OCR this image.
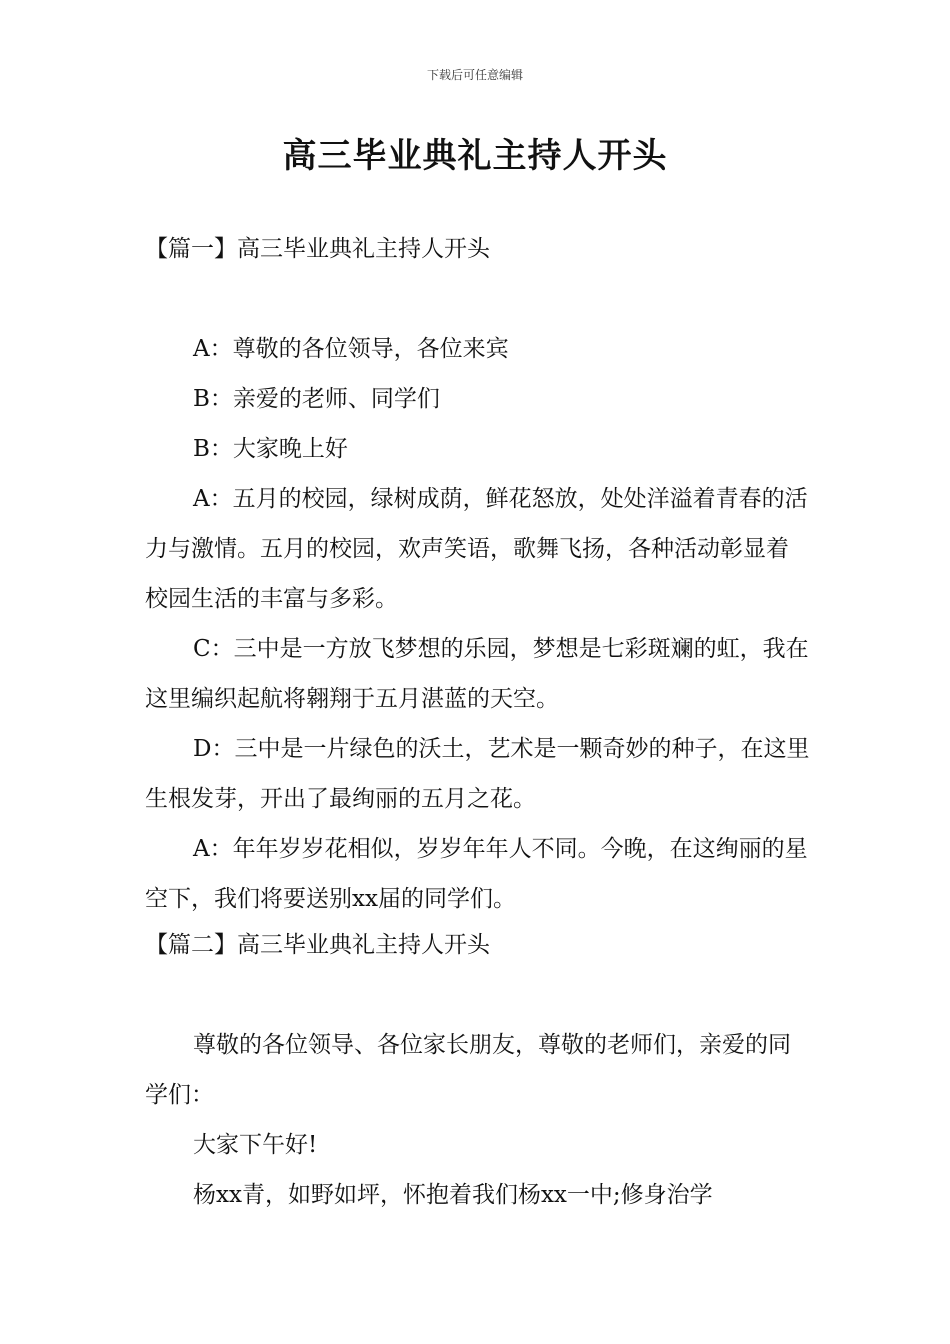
下载后可任意编辑
高三毕业典礼主持人开头
【篇一】高三毕业典礼主持人开头

A：尊敬的各位领导，各位来宾

B：亲爱的老师、同学们

B：大家晚上好

A：五月的校园，绿树成荫，鲜花怒放，处处洋溢着青春的活力与激情。五月的校园，欢声笑语，歌舞飞扬，各种活动彰显着校园生活的丰富与多彩。

C：三中是一方放飞梦想的乐园，梦想是七彩斑斓的虹，我在这里编织起航将翱翔于五月湛蓝的天空。

D：三中是一片绿色的沃土，艺术是一颗奇妙的种子，在这里生根发芽，开出了最绚丽的五月之花。

A：年年岁岁花相似，岁岁年年人不同。今晚，在这绚丽的星空下，我们将要送别xx届的同学们。

【篇二】高三毕业典礼主持人开头

尊敬的各位领导、各位家长朋友，尊敬的老师们，亲爱的同学们：

大家下午好!

杨xx青，如野如坪，怀抱着我们杨xx一中;修身治学
